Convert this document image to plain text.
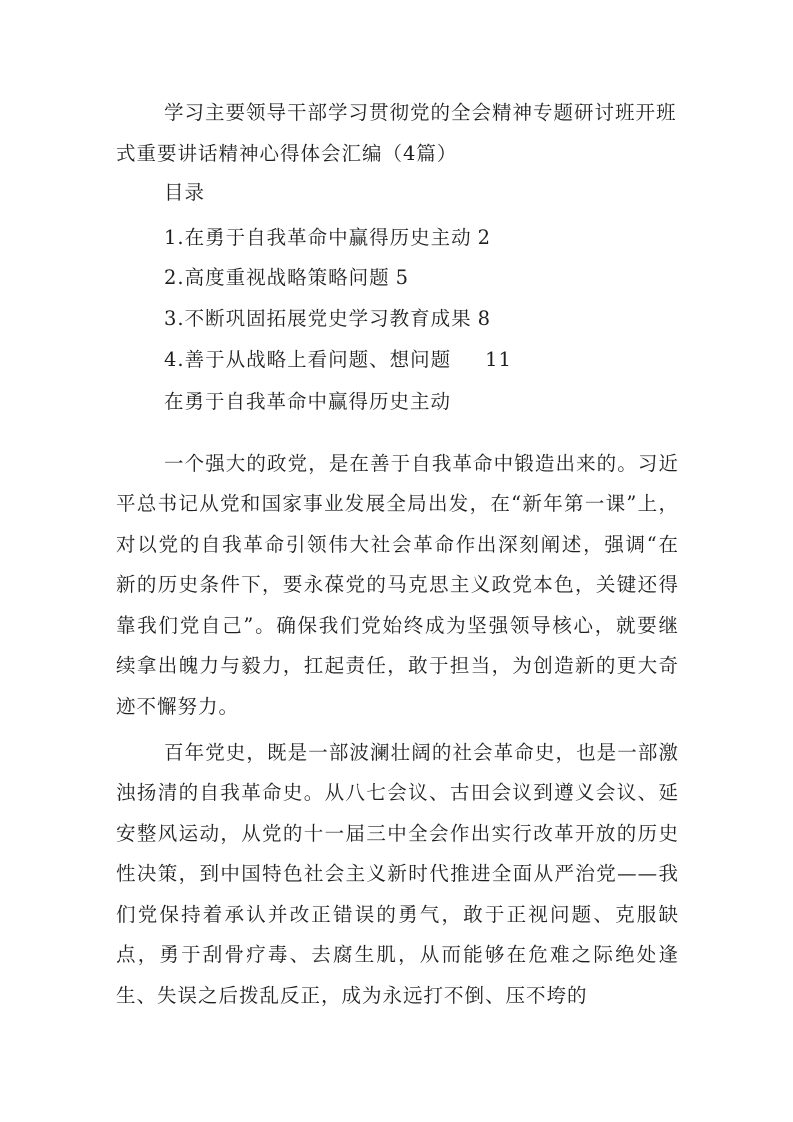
学习主要领导干部学习贯彻党的全会精神专题研讨班开班式重要讲话精神心得体会汇编（4篇）
目录
1.在勇于自我革命中赢得历史主动 2
2.高度重视战略策略问题 5
3.不断巩固拓展党史学习教育成果 8
4.善于从战略上看问题、想问题 11
在勇于自我革命中赢得历史主动

一个强大的政党，是在善于自我革命中锻造出来的。习近平总书记从党和国家事业发展全局出发，在“新年第一课”上，对以党的自我革命引领伟大社会革命作出深刻阐述，强调“在新的历史条件下，要永葆党的马克思主义政党本色，关键还得靠我们党自己”。确保我们党始终成为坚强领导核心，就要继续拿出魄力与毅力，扛起责任，敢于担当，为创造新的更大奇迹不懈努力。

百年党史，既是一部波澜壮阔的社会革命史，也是一部激浊扬清的自我革命史。从八七会议、古田会议到遵义会议、延安整风运动，从党的十一届三中全会作出实行改革开放的历史性决策，到中国特色社会主义新时代推进全面从严治党——我们党保持着承认并改正错误的勇气，敢于正视问题、克服缺点，勇于刮骨疗毒、去腐生肌，从而能够在危难之际绝处逢生、失误之后拨乱反正，成为永远打不倒、压不垮的
